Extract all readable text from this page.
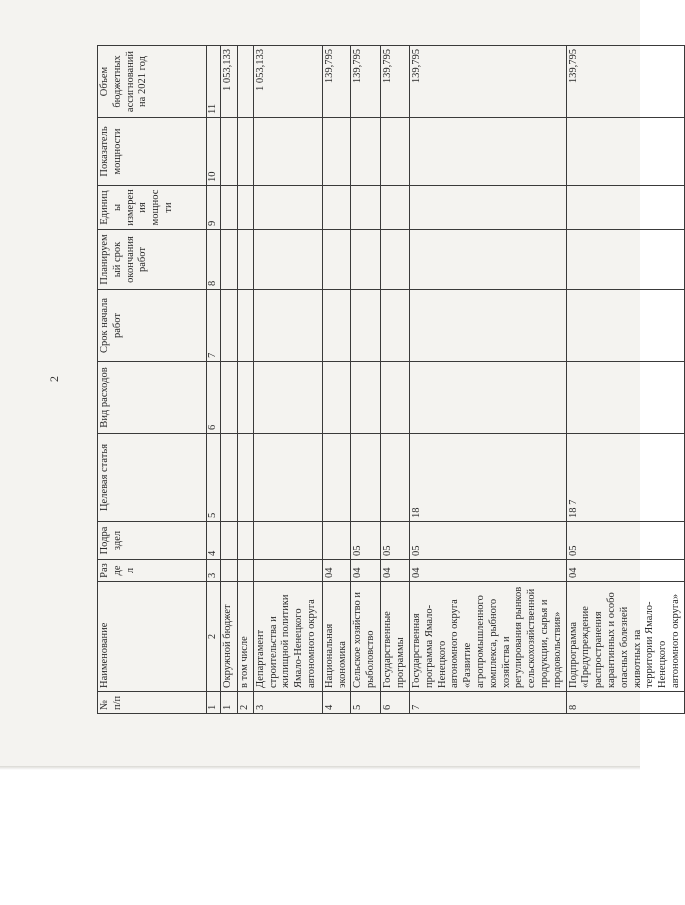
2
№ п/п	Наименование	Раздел	Подраздел	Целевая статья	Вид расходов	Срок начала работ	Планируемый срок окончания работ	Единицы измерения мощности	Показатель мощности	Объем бюджетных ассигнований на 2021 год
1	2	3	4	5	6	7	8	9	10	11
1	Окружной бюджет									1 053,133
2	в том числе									
3	Департамент строительства и жилищной политики Ямало-Ненецкого автономного округа									1 053,133
4	Национальная экономика	04								139,795
5	Сельское хозяйство и рыболовство	04	05							139,795
6	Государственные программы	04	05							139,795
7	Государственная программа Ямало-Ненецкого автономного округа «Развитие агропромышленного комплекса, рыбного хозяйства и регулирования рынков сельскохозяйственной продукции, сырья и продовольствия»	04	05	18						139,795
8	Подпрограмма «Предупреждение распространения карантинных и особо опасных болезней животных на территории Ямало-Ненецкого автономного округа»	04	05	18 7						139,795
